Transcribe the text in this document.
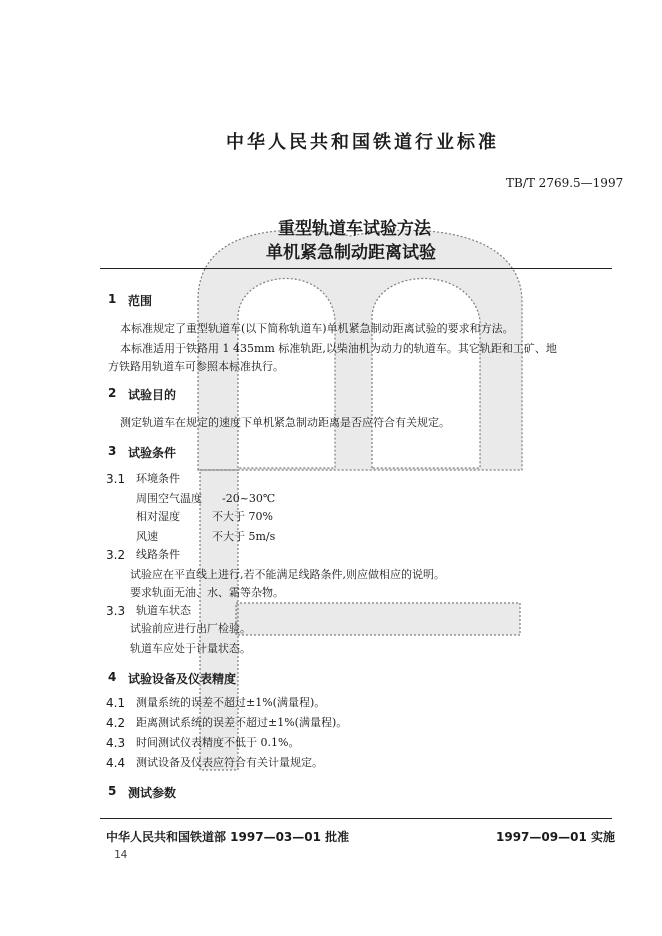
中华人民共和国铁道行业标准
TB/T 2769.5—1997
重型轨道车试验方法
单机紧急制动距离试验
1 范围
本标准规定了重型轨道车(以下简称轨道车)单机紧急制动距离试验的要求和方法。
本标准适用于铁路用 1 435mm 标准轨距,以柴油机为动力的轨道车。其它轨距和工矿、地
方铁路用轨道车可参照本标准执行。
2 试验目的
测定轨道车在规定的速度下单机紧急制动距离是否应符合有关规定。
3 试验条件
3.1 环境条件
周围空气温度 -20~30℃
相对湿度	不大于 70%
风速	不大于 5m/s
3.2 线路条件
试验应在平直线上进行,若不能满足线路条件,则应做相应的说明。
要求轨面无油、水、霜等杂物。
3.3 轨道车状态
试验前应进行出厂检验。
轨道车应处于计量状态。
4 试验设备及仪表精度
4.1 测量系统的误差不超过±1%(满量程)。
4.2 距离测试系统的误差不超过±1%(满量程)。
4.3 时间测试仪表精度不低于 0.1%。
4.4 测试设备及仪表应符合有关计量规定。
5 测试参数
中华人民共和国铁道部 1997—03—01 批准	1997—09—01 实施
14
